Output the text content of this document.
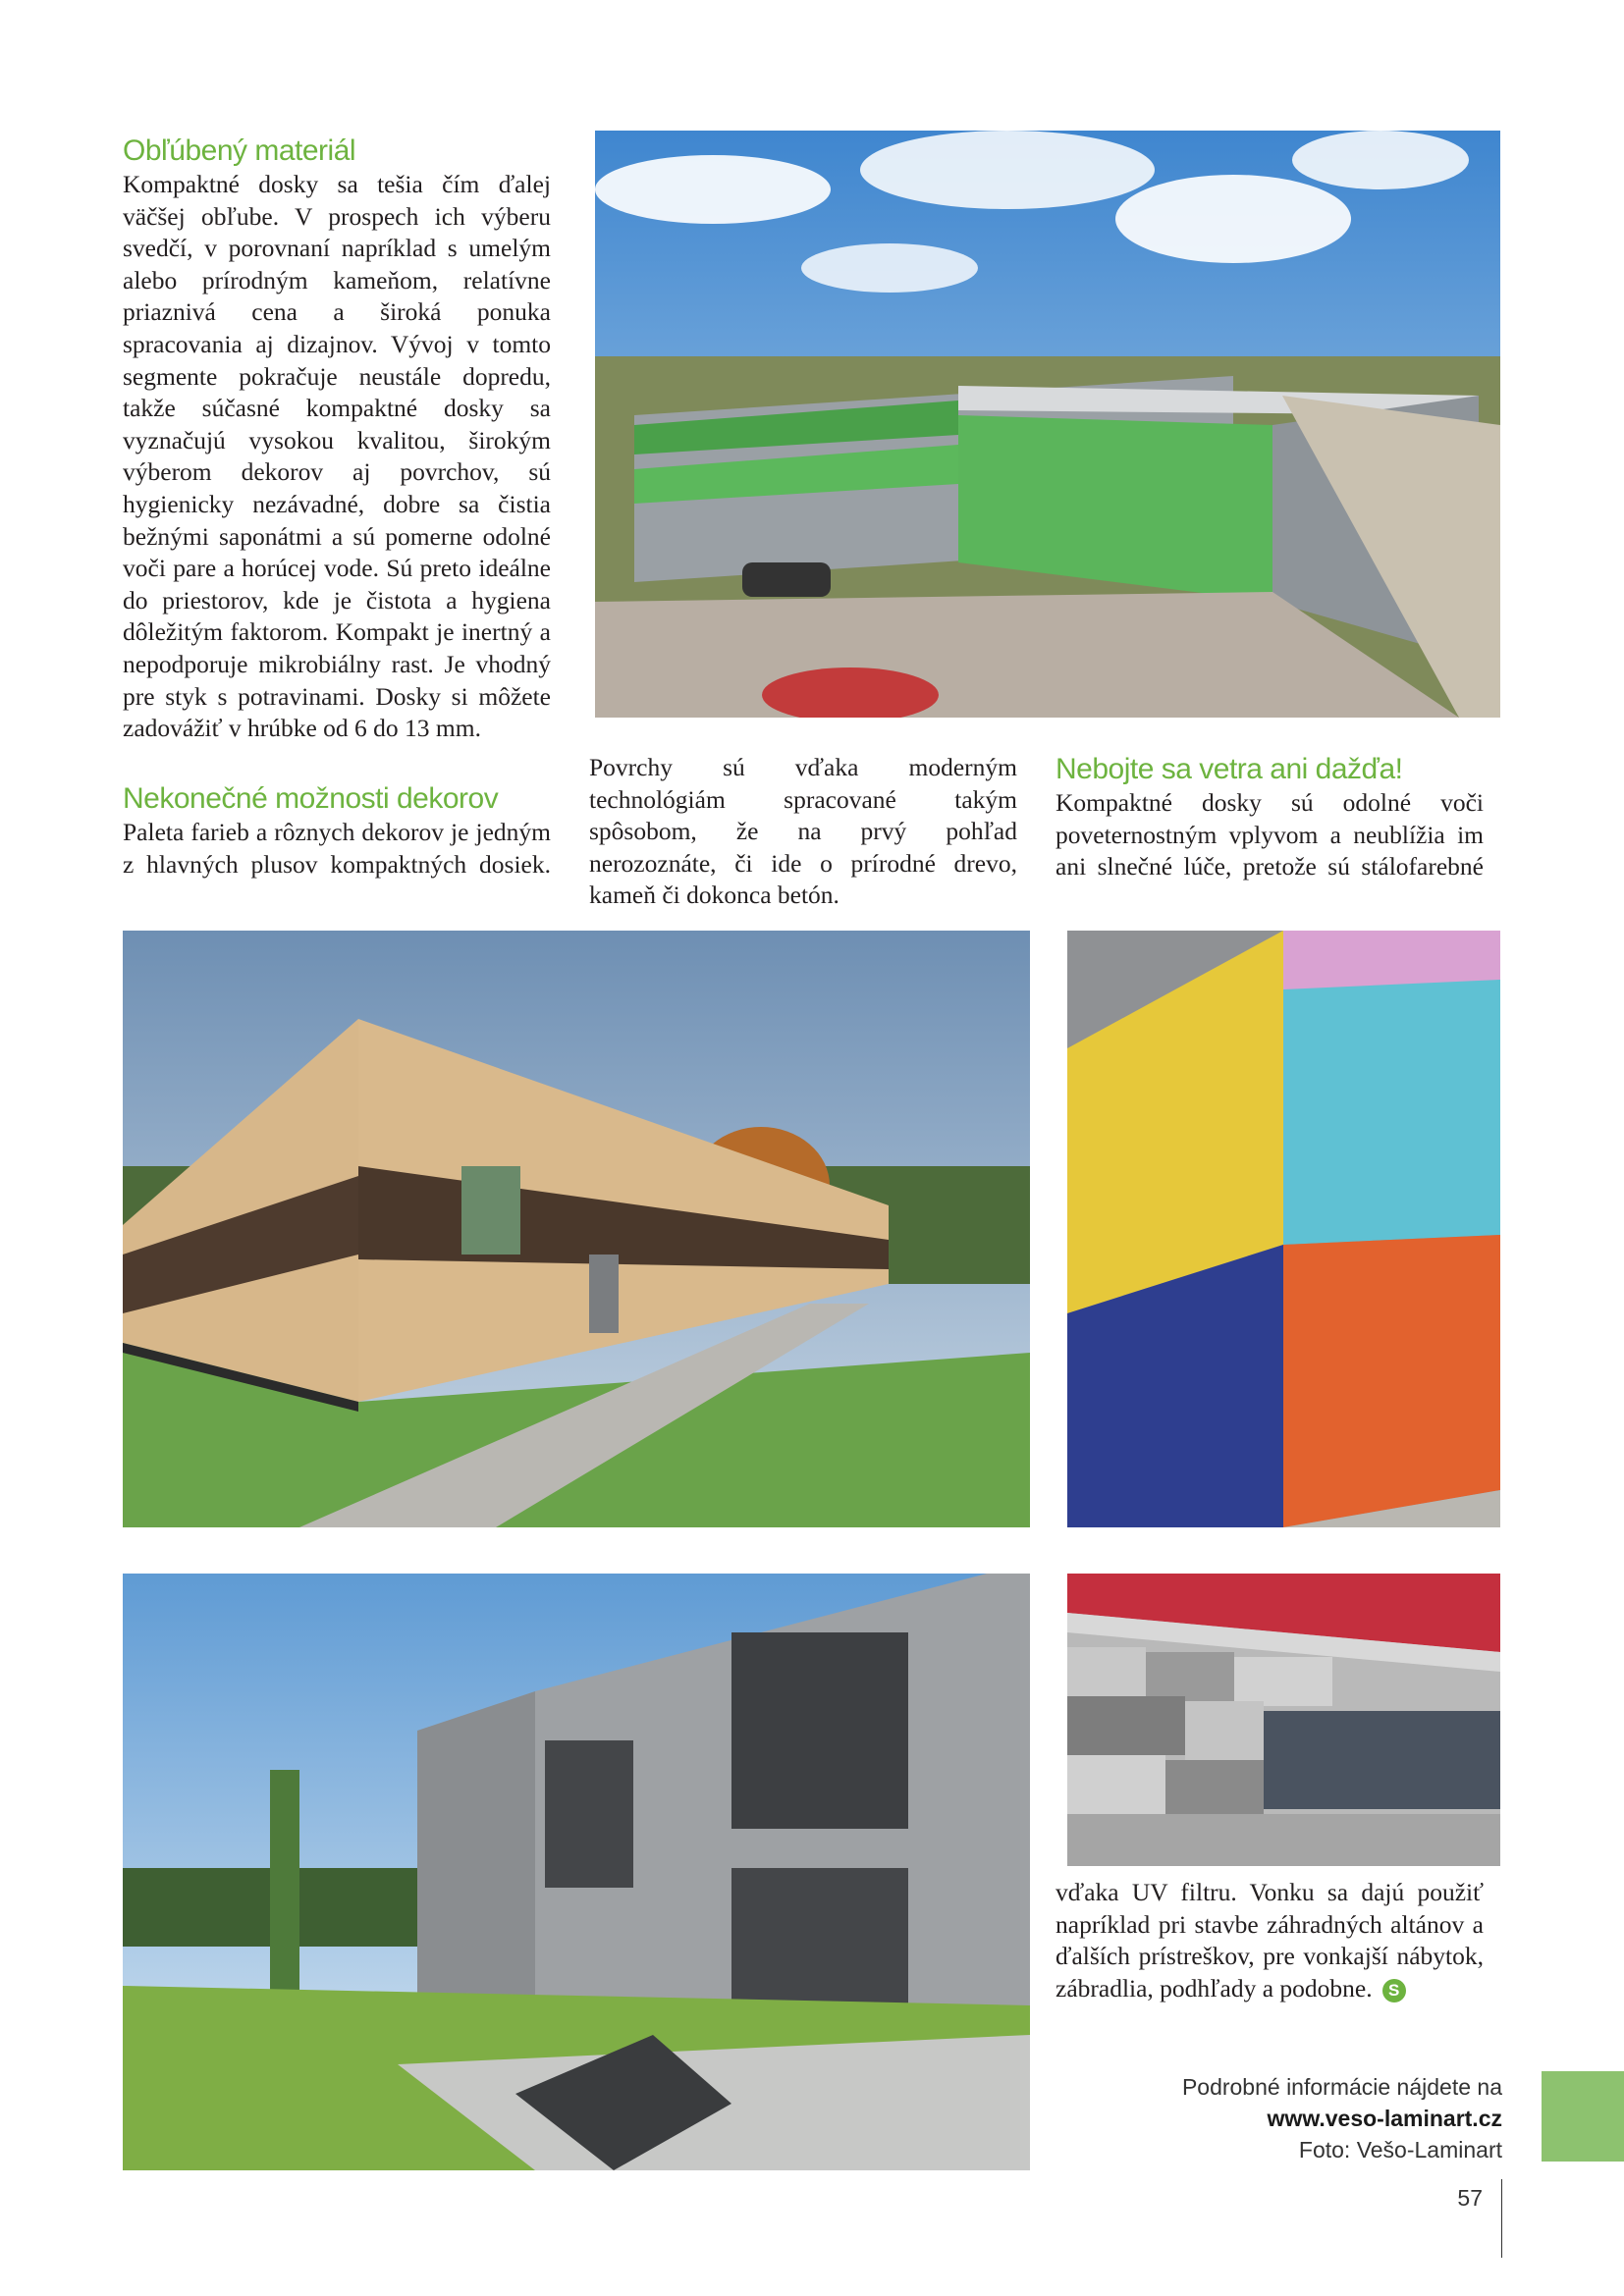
Obľúbený materiál

Kompaktné dosky sa tešia čím ďalej väčšej obľube. V prospech ich výberu svedčí, v porovnaní napríklad s umelým alebo prírodným kameňom, relatívne priaznivá cena a široká ponuka spracovania aj dizajnov. Vývoj v tomto segmente pokračuje neustále dopredu, takže súčasné kompaktné dosky sa vyznačujú vysokou kvalitou, širokým výberom dekorov aj povrchov, sú hygienicky nezávadné, dobre sa čistia bežnými saponátmi a sú pomerne odolné voči pare a horúcej vode. Sú preto ideálne do priestorov, kde je čistota a hygiena dôležitým faktorom. Kompakt je inertný a nepodporuje mikrobiálny rast. Je vhodný pre styk s potravinami. Dosky si môžete zadovážiť v hrúbke od 6 do 13 mm.

Nekonečné možnosti dekorov

Paleta farieb a rôznych dekorov je jedným z hlavných plusov kompaktných dosiek.

Povrchy sú vďaka moderným technológiám spracované takým spôsobom, že na prvý pohľad nerozoznáte, či ide o prírodné drevo, kameň či dokonca betón.

Nebojte sa vetra ani dažďa!

Kompaktné dosky sú odolné voči poveternostným vplyvom a neublížia im ani slnečné lúče, pretože sú stálofarebné

vďaka UV filtru. Vonku sa dajú použiť napríklad pri stavbe záhradných altánov a ďalších prístreškov, pre vonkajší nábytok, zábradlia, podhľady a podobne. S

Podrobné informácie nájdete na
www.veso-laminart.cz
Foto: Vešo-Laminart
57
